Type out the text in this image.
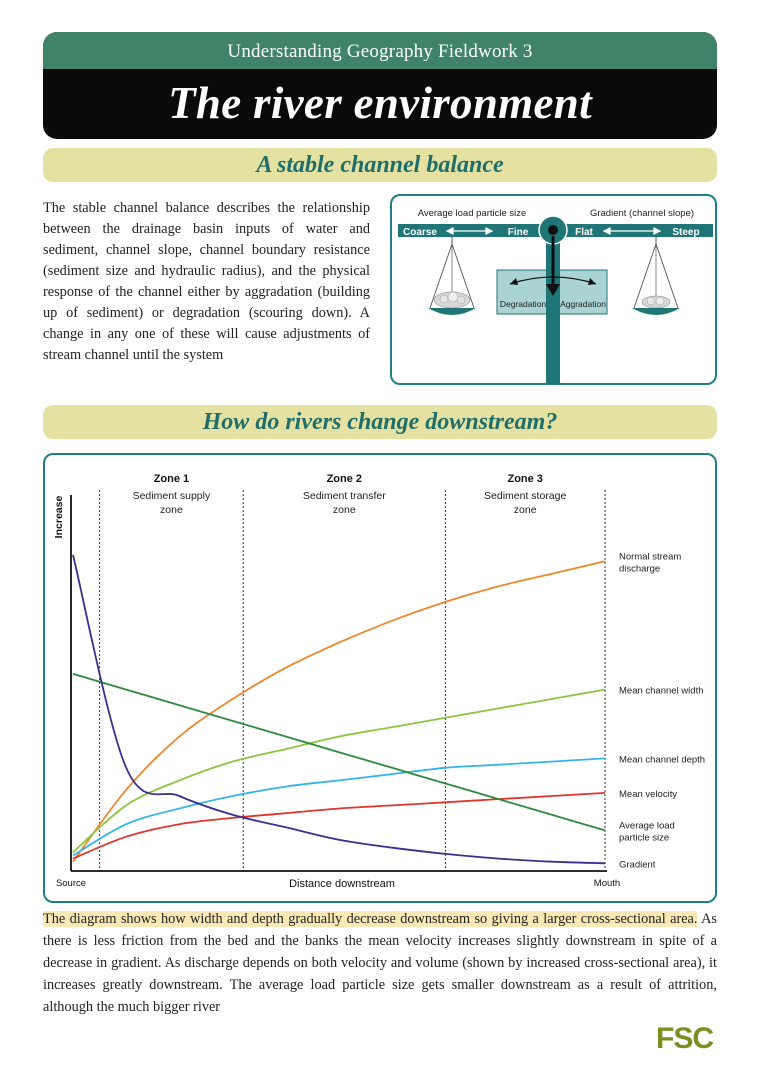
Understanding Geography Fieldwork 3
The river environment
A stable channel balance
The stable channel balance describes the relationship between the drainage basin inputs of water and sediment, channel slope, channel boundary resistance (sediment size and hydraulic radius), and the physical response of the channel either by aggradation (building up of sediment) or degradation (scouring down). A change in any one of these will cause adjustments of stream channel until the system
Average load particle size	Gradient (channel slope)
Coarse	Fine	Flat	Steep
Degradation Aggradation
How do rivers change downstream?
Zone 1
Sediment supply
zone
Zone 2
Sediment transfer
zone
Zone 3
Sediment storage
zone
Increase
Distance downstream
Source	Mouth
Normal stream
discharge
Mean channel width
Mean channel depth
Mean velocity
Average load
particle size
Gradient
The diagram shows how width and depth gradually decrease downstream so giving a larger cross-sectional area. As there is less friction from the bed and the banks the mean velocity increases slightly downstream in spite of a decrease in gradient. As discharge depends on both velocity and volume (shown by increased cross-sectional area), it increases greatly downstream. The average load particle size gets smaller downstream as a result of attrition, although the much bigger river
FSC
